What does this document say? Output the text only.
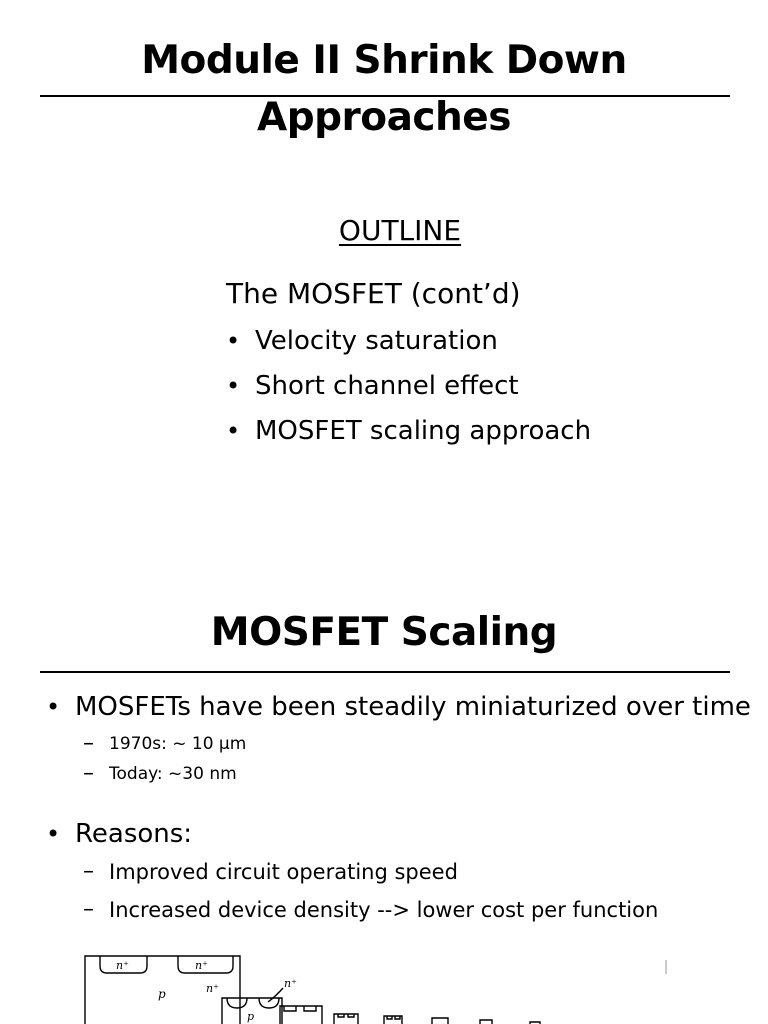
Module II Shrink Down
Approaches
OUTLINE
The MOSFET (cont’d)
• Velocity saturation
• Short channel effect
• MOSFET scaling approach
MOSFET Scaling
• MOSFETs have been steadily miniaturized over time
– 1970s: ~ 10 μm
– Today: ~30 nm
• Reasons:
– Improved circuit operating speed
– Increased device density --> lower cost per function
n⁺	n⁺
p	n⁺	n⁺
p
